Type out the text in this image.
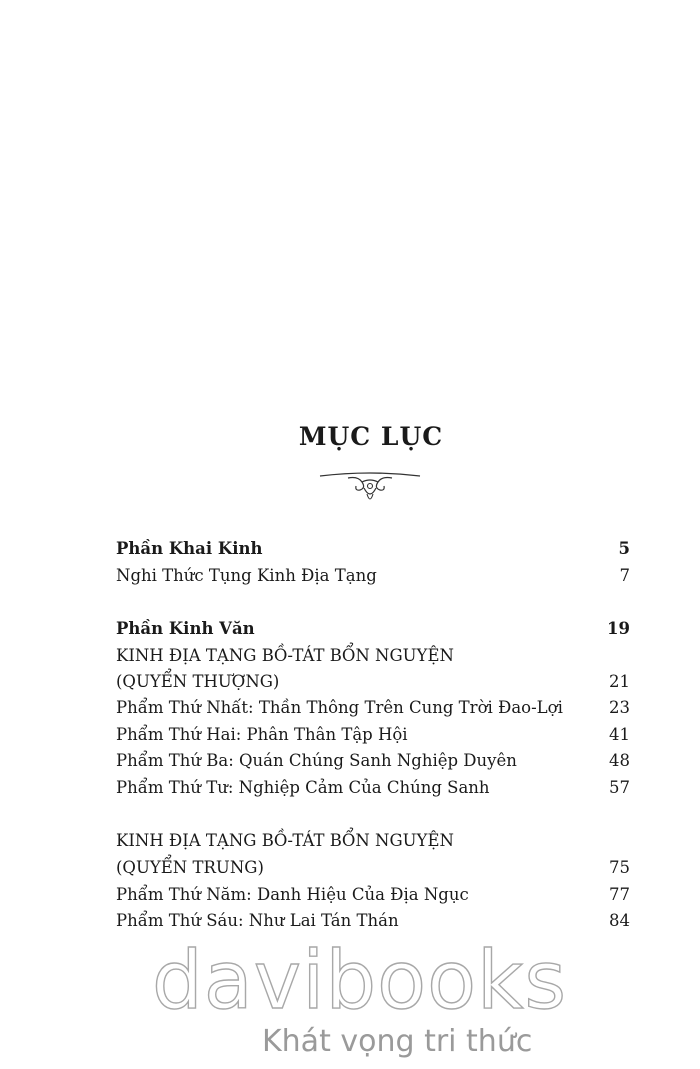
MỤC LỤC
Phần Khai Kinh	5
Nghi Thức Tụng Kinh Địa Tạng	7
Phần Kinh Văn	19
KINH ĐỊA TẠNG BỒ-TÁT BỔN NGUYỆN
(QUYỂN THƯỢNG)	21
Phẩm Thứ Nhất: Thần Thông Trên Cung Trời Đao-Lợi	23
Phẩm Thứ Hai: Phân Thân Tập Hội	41
Phẩm Thứ Ba: Quán Chúng Sanh Nghiệp Duyên	48
Phẩm Thứ Tư: Nghiệp Cảm Của Chúng Sanh	57
KINH ĐỊA TẠNG BỒ-TÁT BỔN NGUYỆN
(QUYỂN TRUNG)	75
Phẩm Thứ Năm: Danh Hiệu Của Địa Ngục	77
Phẩm Thứ Sáu: Như Lai Tán Thán	84
davibooks
Khát vọng tri thức
